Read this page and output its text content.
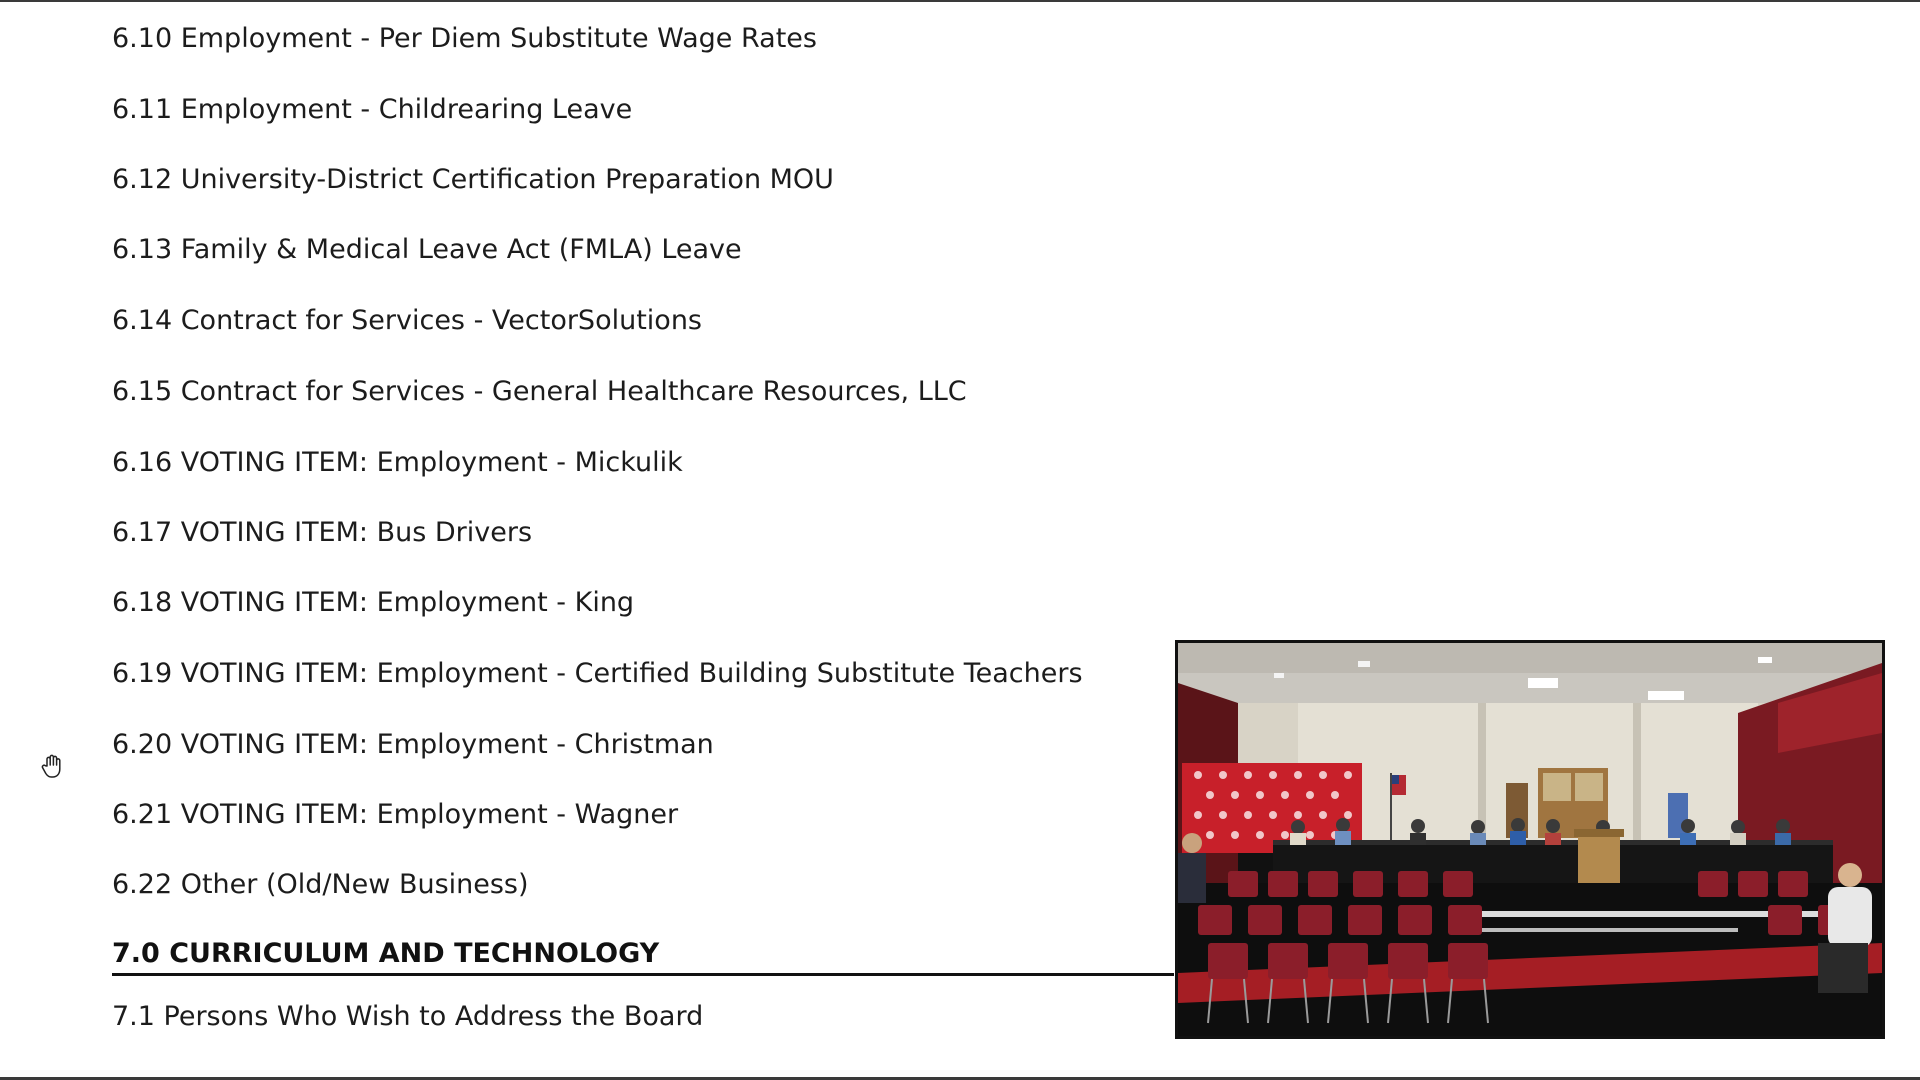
6.10 Employment - Per Diem Substitute Wage Rates
6.11 Employment - Childrearing Leave
6.12 University-District Certification Preparation MOU
6.13 Family & Medical Leave Act (FMLA) Leave
6.14 Contract for Services - VectorSolutions
6.15 Contract for Services - General Healthcare Resources, LLC
6.16 VOTING ITEM: Employment - Mickulik
6.17 VOTING ITEM: Bus Drivers
6.18 VOTING ITEM: Employment - King
6.19 VOTING ITEM: Employment - Certified Building Substitute Teachers
6.20 VOTING ITEM: Employment - Christman
6.21 VOTING ITEM: Employment - Wagner
6.22 Other (Old/New Business)
7.0 CURRICULUM AND TECHNOLOGY
7.1 Persons Who Wish to Address the Board
